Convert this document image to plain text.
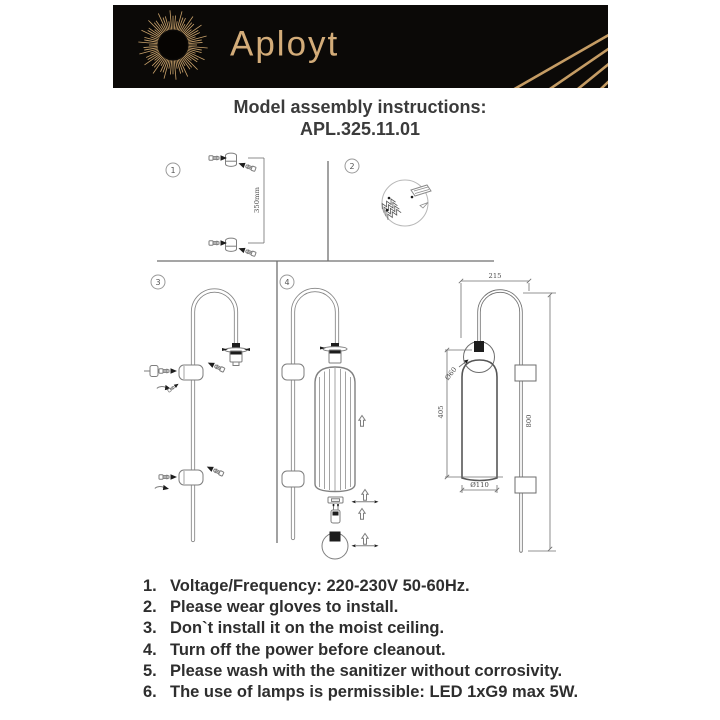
Aployt
Model assembly instructions:
APL.325.11.01
350mm
215
800
405
Ø60
Ø110
1	2
3	4
1. Voltage/Frequency: 220-230V 50-60Hz.
2. Please wear gloves to install.
3. Don`t install it on the moist ceiling.
4. Turn off the power before cleanout.
5. Please wash with the sanitizer without corrosivity.
6. The use of lamps is permissible: LED 1xG9 max 5W.
